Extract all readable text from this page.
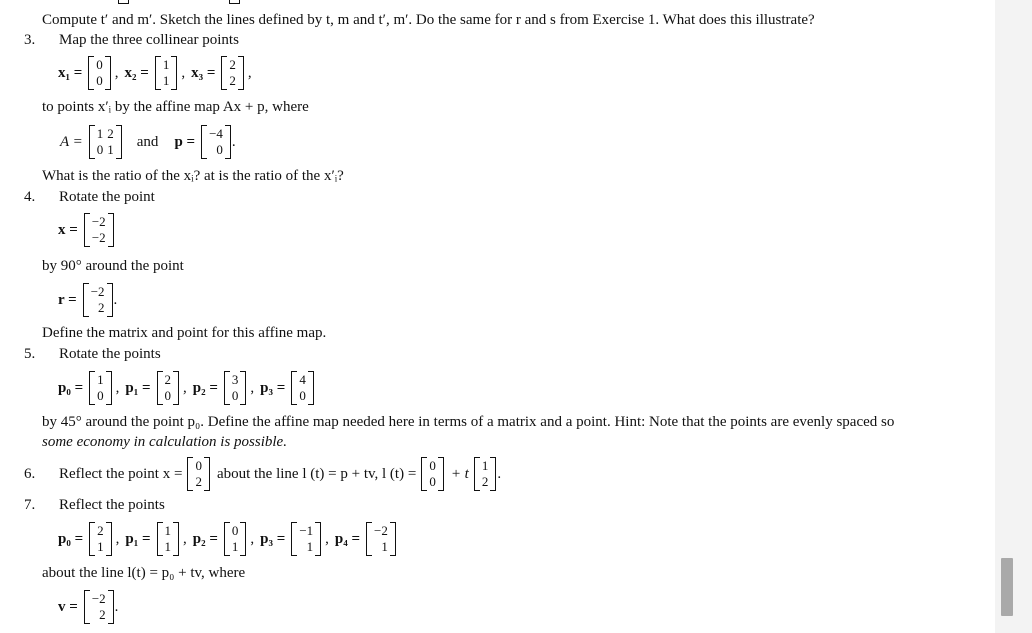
Compute t′ and m′. Sketch the lines defined by t, m and t′, m′. Do the same for r and s from Exercise 1. What does this illustrate?
3. Map the three collinear points
x₁ = 0
0 , x₂ = 1
1 , x₃ = 2
2 ,
to points x′ᵢ by the affine map Ax + p, where
A = 1
0
2
1 and p = −4
0 .
What is the ratio of the xᵢ? at is the ratio of the x′ᵢ?
4. Rotate the point
x = −2
−2
by 90° around the point
r = −2
2 .
Define the matrix and point for this affine map.
5. Rotate the points
p₀ = 1
0 , p₁ = 2
0 , p₂ = 3
0 , p₃ = 4
0
by 45° around the point p₀. Define the affine map needed here in terms of a matrix and a point. Hint: Note that the points are evenly spaced so
some economy in calculation is possible.
6. Reflect the point x = 0
2 about the line l (t) = p + tv, l (t) = 0
0 + t 1
2 .
7. Reflect the points
p₀ = 2
1 , p₁ = 1
1 , p₂ = 0
1 , p₃ = −1
1 , p₄ = −2
1
about the line l(t) = p₀ + tv, where
v = −2
2 .
